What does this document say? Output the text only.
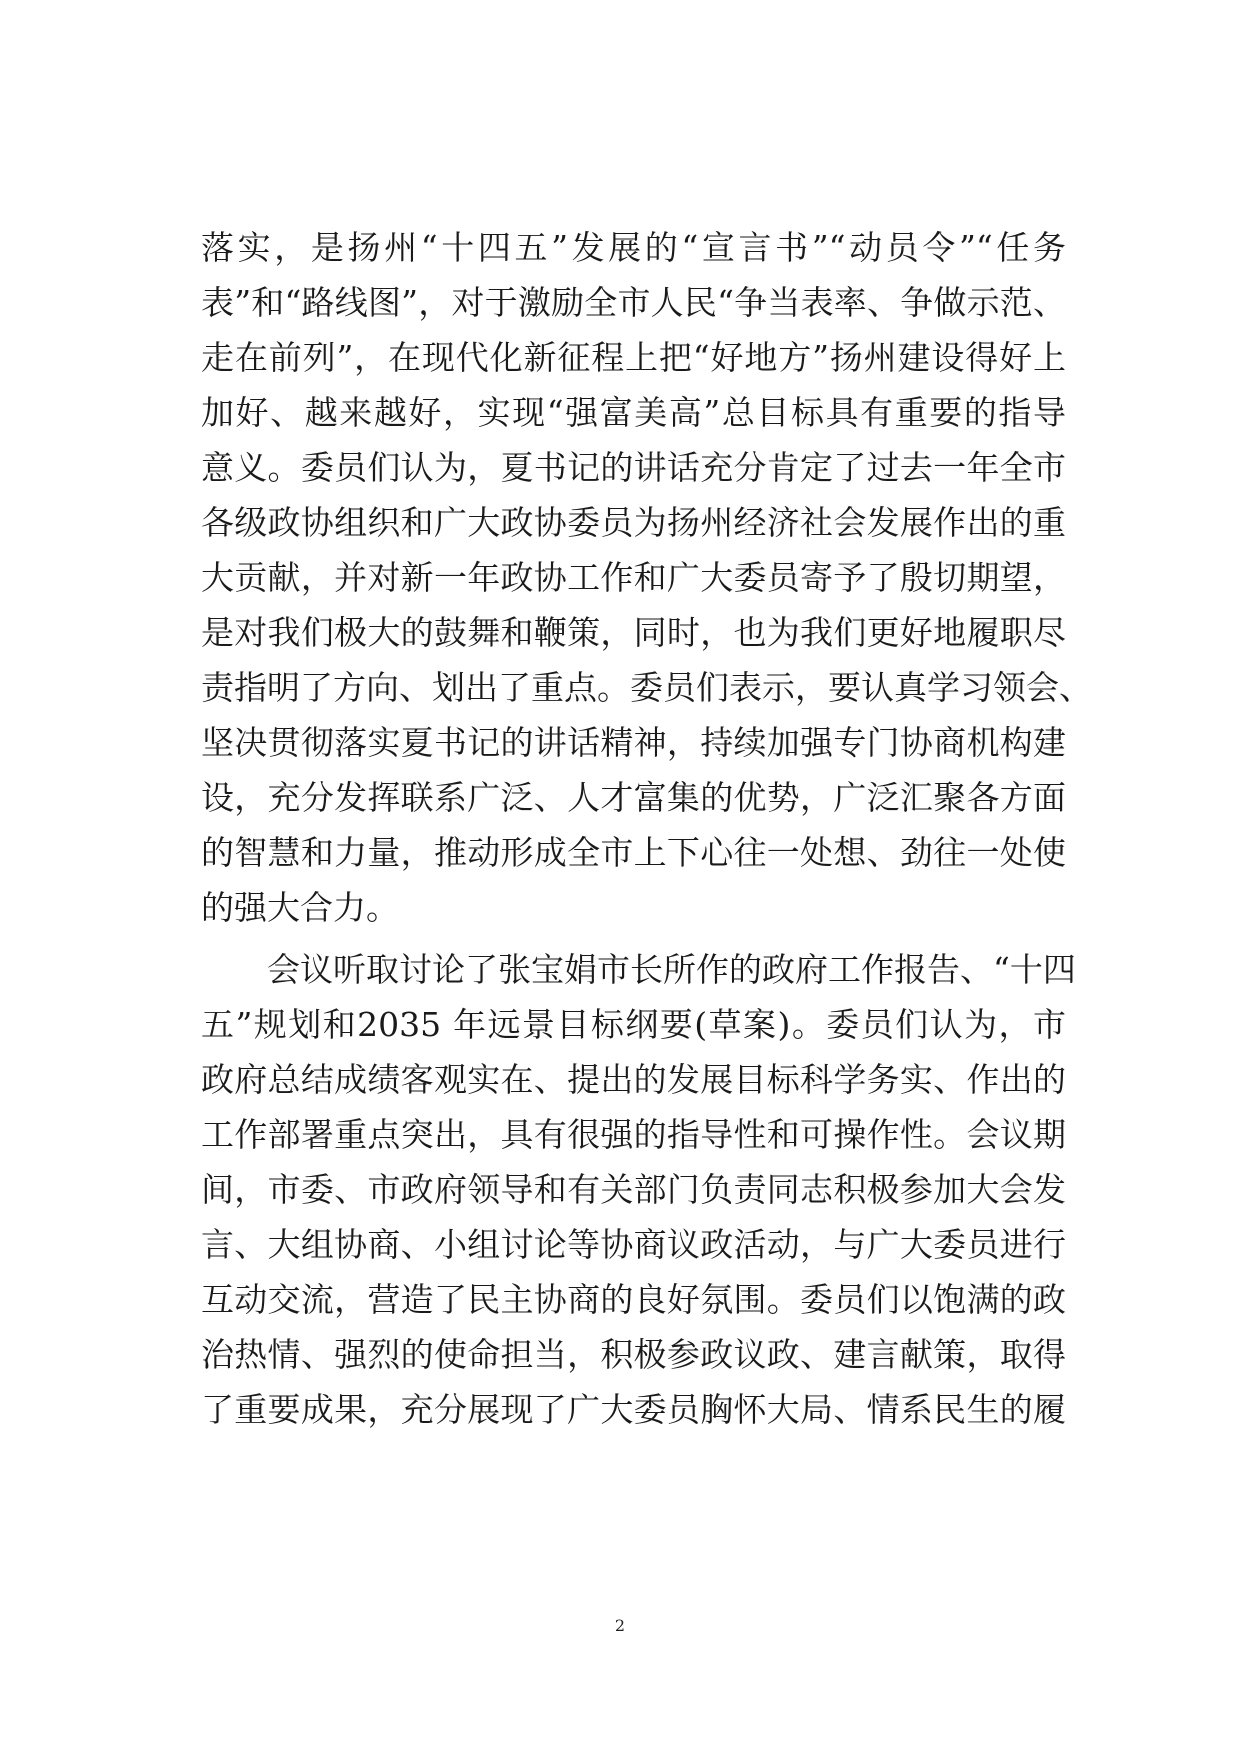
落实，是扬州“十四五”发展的“宣言书”“动员令”“任务
表”和“路线图”，对于激励全市人民“争当表率、争做示范、
走在前列”，在现代化新征程上把“好地方”扬州建设得好上
加好、越来越好，实现“强富美高”总目标具有重要的指导
意义。委员们认为，夏书记的讲话充分肯定了过去一年全市
各级政协组织和广大政协委员为扬州经济社会发展作出的重
大贡献，并对新一年政协工作和广大委员寄予了殷切期望，
是对我们极大的鼓舞和鞭策，同时，也为我们更好地履职尽
责指明了方向、划出了重点。委员们表示，要认真学习领会、
坚决贯彻落实夏书记的讲话精神，持续加强专门协商机构建
设，充分发挥联系广泛、人才富集的优势，广泛汇聚各方面
的智慧和力量，推动形成全市上下心往一处想、劲往一处使
的强大合力。
会议听取讨论了张宝娟市长所作的政府工作报告、“十四
五”规划和2035 年远景目标纲要(草案)。委员们认为，市
政府总结成绩客观实在、提出的发展目标科学务实、作出的
工作部署重点突出，具有很强的指导性和可操作性。会议期
间，市委、市政府领导和有关部门负责同志积极参加大会发
言、大组协商、小组讨论等协商议政活动，与广大委员进行
互动交流，营造了民主协商的良好氛围。委员们以饱满的政
治热情、强烈的使命担当，积极参政议政、建言献策，取得
了重要成果，充分展现了广大委员胸怀大局、情系民生的履
2
